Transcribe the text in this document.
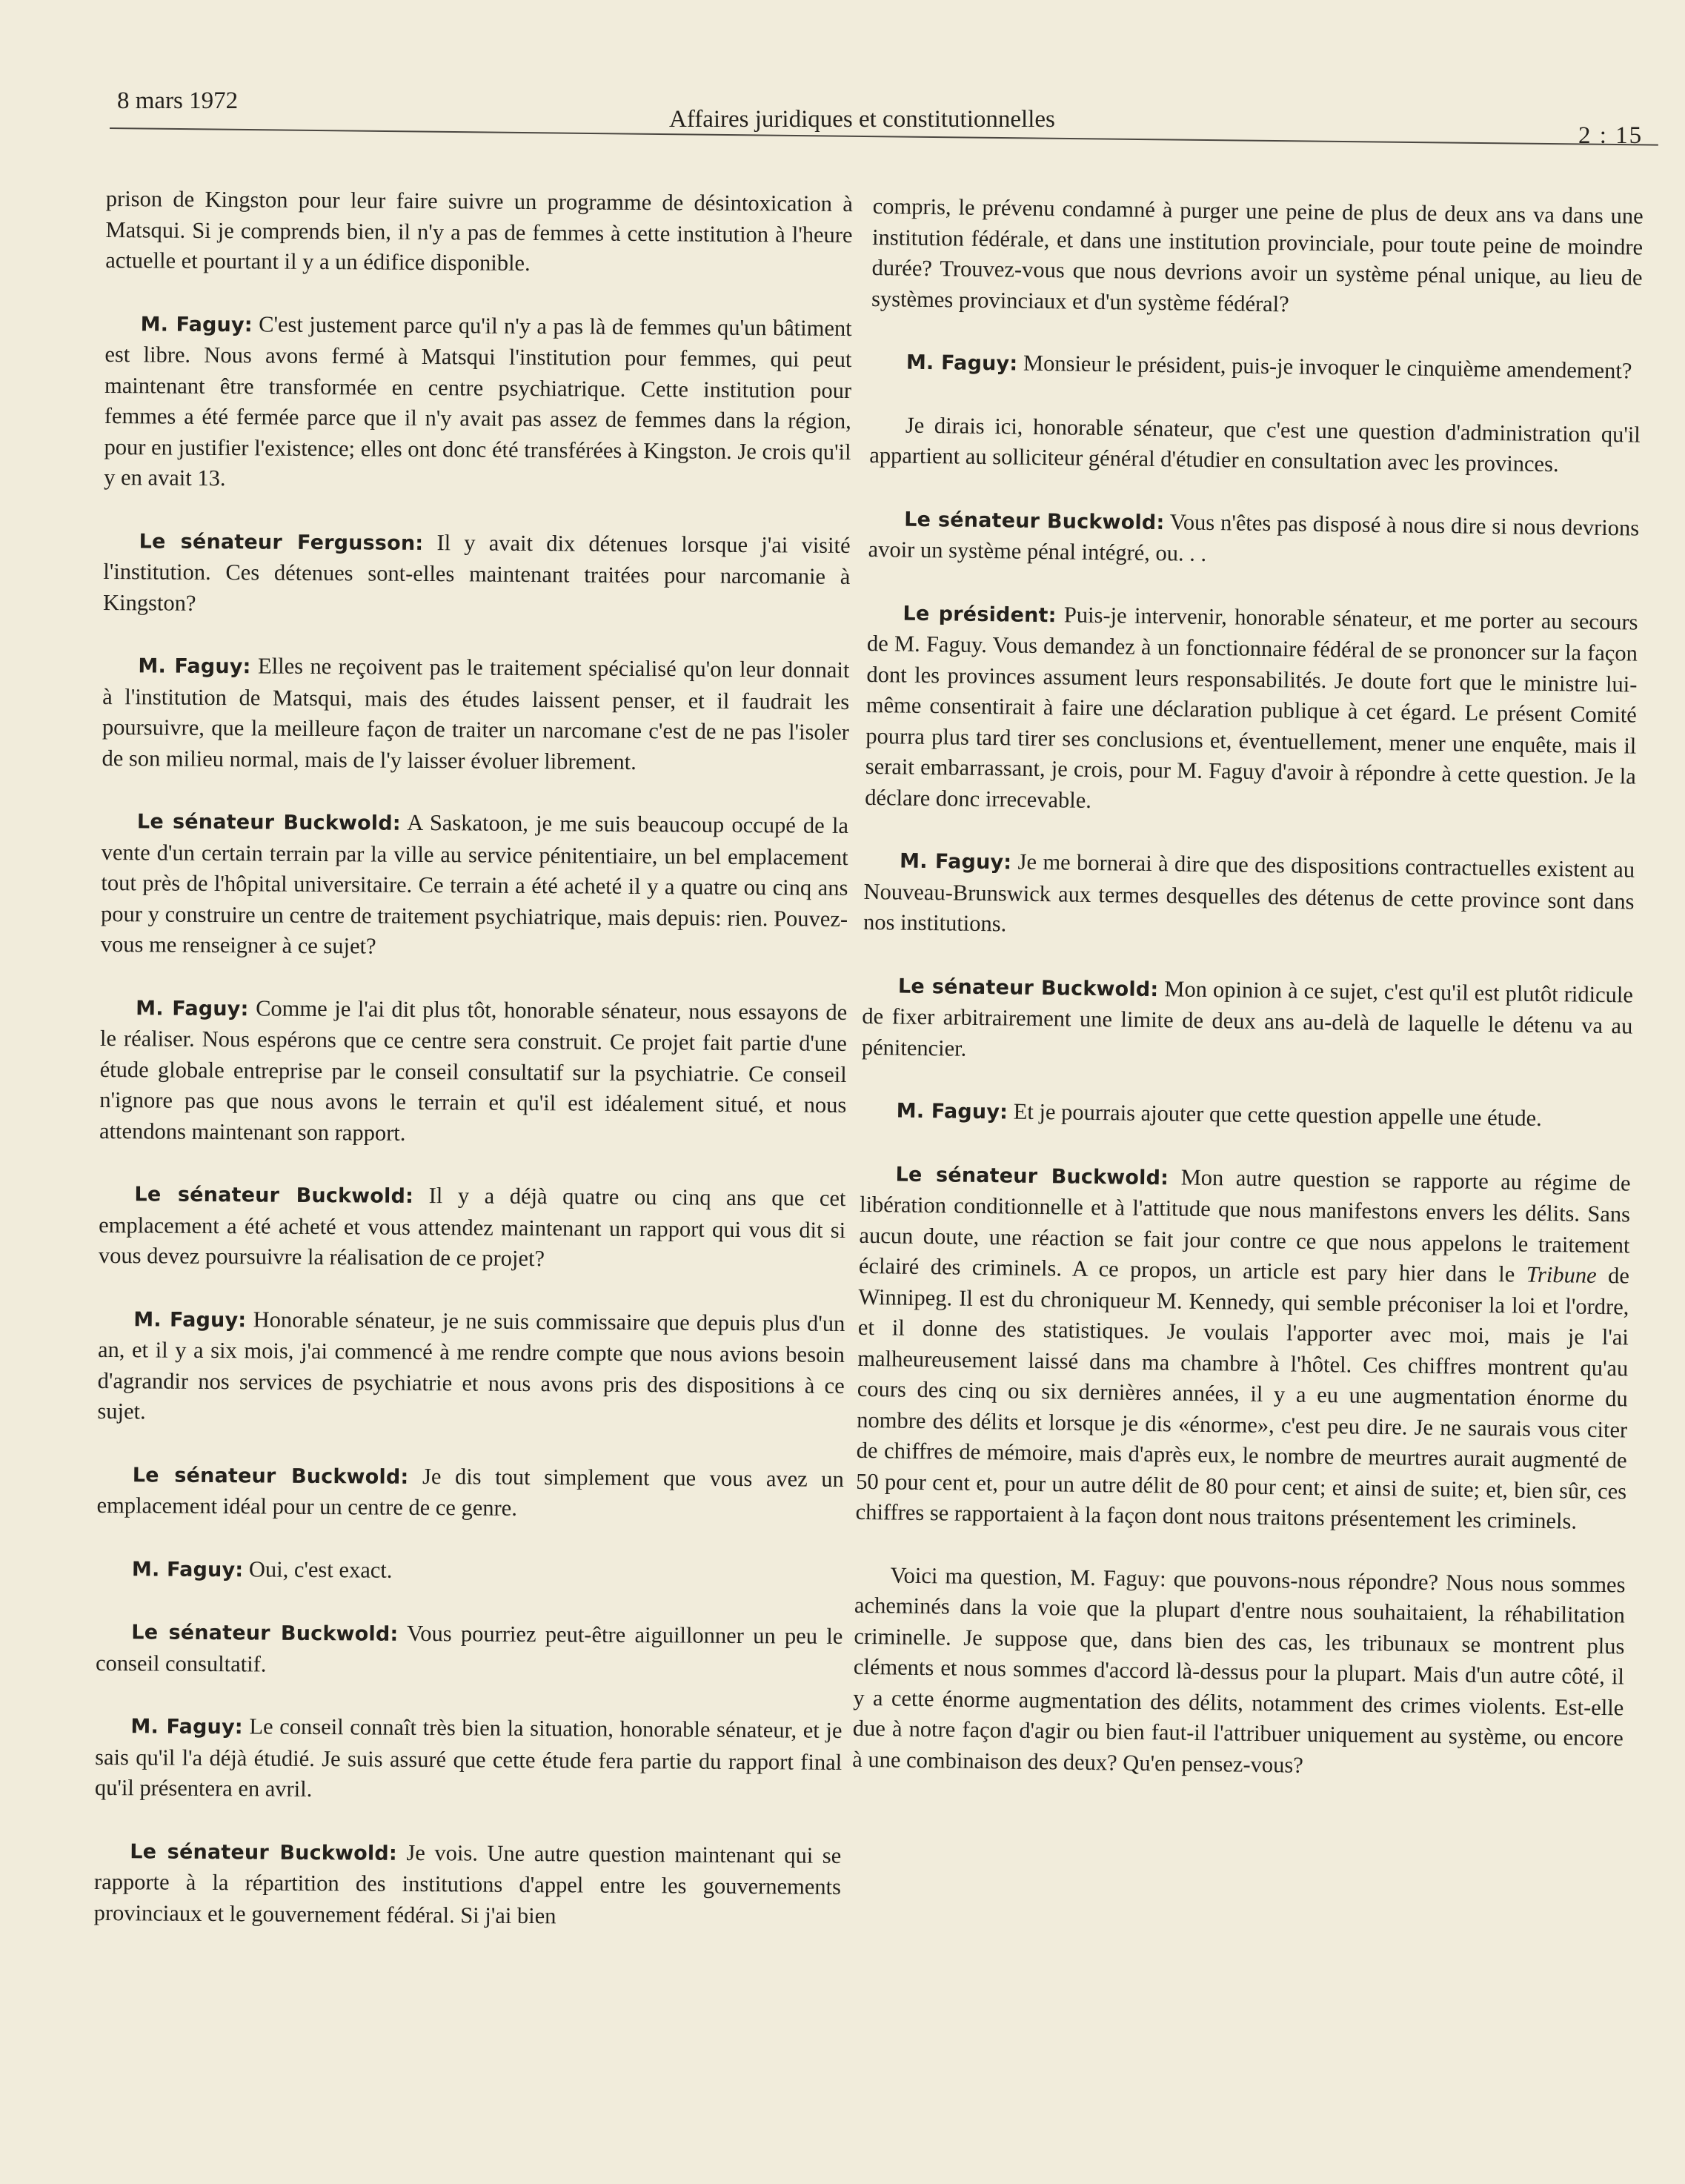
8 mars 1972
Affaires juridiques et constitutionnelles
2 : 15

prison de Kingston pour leur faire suivre un programme de désintoxication à Matsqui. Si je comprends bien, il n'y a pas de femmes à cette institution à l'heure actuelle et pourtant il y a un édifice disponible.

M. Faguy: C'est justement parce qu'il n'y a pas là de femmes qu'un bâtiment est libre. Nous avons fermé à Matsqui l'institution pour femmes, qui peut maintenant être transformée en centre psychiatrique. Cette institution pour femmes a été fermée parce que il n'y avait pas assez de femmes dans la région, pour en justifier l'existence; elles ont donc été transférées à Kingston. Je crois qu'il y en avait 13.

Le sénateur Fergusson: Il y avait dix détenues lorsque j'ai visité l'institution. Ces détenues sont-elles maintenant traitées pour narcomanie à Kingston?

M. Faguy: Elles ne reçoivent pas le traitement spécialisé qu'on leur donnait à l'institution de Matsqui, mais des études laissent penser, et il faudrait les poursuivre, que la meilleure façon de traiter un narcomane c'est de ne pas l'isoler de son milieu normal, mais de l'y laisser évoluer librement.

Le sénateur Buckwold: A Saskatoon, je me suis beaucoup occupé de la vente d'un certain terrain par la ville au service pénitentiaire, un bel emplacement tout près de l'hôpital universitaire. Ce terrain a été acheté il y a quatre ou cinq ans pour y construire un centre de traitement psychiatrique, mais depuis: rien. Pouvez-vous me renseigner à ce sujet?

M. Faguy: Comme je l'ai dit plus tôt, honorable sénateur, nous essayons de le réaliser. Nous espérons que ce centre sera construit. Ce projet fait partie d'une étude globale entreprise par le conseil consultatif sur la psychiatrie. Ce conseil n'ignore pas que nous avons le terrain et qu'il est idéalement situé, et nous attendons maintenant son rapport.

Le sénateur Buckwold: Il y a déjà quatre ou cinq ans que cet emplacement a été acheté et vous attendez maintenant un rapport qui vous dit si vous devez poursuivre la réalisation de ce projet?

M. Faguy: Honorable sénateur, je ne suis commissaire que depuis plus d'un an, et il y a six mois, j'ai commencé à me rendre compte que nous avions besoin d'agrandir nos services de psychiatrie et nous avons pris des dispositions à ce sujet.

Le sénateur Buckwold: Je dis tout simplement que vous avez un emplacement idéal pour un centre de ce genre.

M. Faguy: Oui, c'est exact.

Le sénateur Buckwold: Vous pourriez peut-être aiguillonner un peu le conseil consultatif.

M. Faguy: Le conseil connaît très bien la situation, honorable sénateur, et je sais qu'il l'a déjà étudié. Je suis assuré que cette étude fera partie du rapport final qu'il présentera en avril.

Le sénateur Buckwold: Je vois. Une autre question maintenant qui se rapporte à la répartition des institutions d'appel entre les gouvernements provinciaux et le gouvernement fédéral. Si j'ai bien

compris, le prévenu condamné à purger une peine de plus de deux ans va dans une institution fédérale, et dans une institution provinciale, pour toute peine de moindre durée? Trouvez-vous que nous devrions avoir un système pénal unique, au lieu de systèmes provinciaux et d'un système fédéral?

M. Faguy: Monsieur le président, puis-je invoquer le cinquième amendement?

Je dirais ici, honorable sénateur, que c'est une question d'administration qu'il appartient au solliciteur général d'étudier en consultation avec les provinces.

Le sénateur Buckwold: Vous n'êtes pas disposé à nous dire si nous devrions avoir un système pénal intégré, ou. . .

Le président: Puis-je intervenir, honorable sénateur, et me porter au secours de M. Faguy. Vous demandez à un fonctionnaire fédéral de se prononcer sur la façon dont les provinces assument leurs responsabilités. Je doute fort que le ministre lui-même consentirait à faire une déclaration publique à cet égard. Le présent Comité pourra plus tard tirer ses conclusions et, éventuellement, mener une enquête, mais il serait embarrassant, je crois, pour M. Faguy d'avoir à répondre à cette question. Je la déclare donc irrecevable.

M. Faguy: Je me bornerai à dire que des dispositions contractuelles existent au Nouveau-Brunswick aux termes desquelles des détenus de cette province sont dans nos institutions.

Le sénateur Buckwold: Mon opinion à ce sujet, c'est qu'il est plutôt ridicule de fixer arbitrairement une limite de deux ans au-delà de laquelle le détenu va au pénitencier.

M. Faguy: Et je pourrais ajouter que cette question appelle une étude.

Le sénateur Buckwold: Mon autre question se rapporte au régime de libération conditionnelle et à l'attitude que nous manifestons envers les délits. Sans aucun doute, une réaction se fait jour contre ce que nous appelons le traitement éclairé des criminels. A ce propos, un article est pary hier dans le Tribune de Winnipeg. Il est du chroniqueur M. Kennedy, qui semble préconiser la loi et l'ordre, et il donne des statistiques. Je voulais l'apporter avec moi, mais je l'ai malheureusement laissé dans ma chambre à l'hôtel. Ces chiffres montrent qu'au cours des cinq ou six dernières années, il y a eu une augmentation énorme du nombre des délits et lorsque je dis «énorme», c'est peu dire. Je ne saurais vous citer de chiffres de mémoire, mais d'après eux, le nombre de meurtres aurait augmenté de 50 pour cent et, pour un autre délit de 80 pour cent; et ainsi de suite; et, bien sûr, ces chiffres se rapportaient à la façon dont nous traitons présentement les criminels.

Voici ma question, M. Faguy: que pouvons-nous répondre? Nous nous sommes acheminés dans la voie que la plupart d'entre nous souhaitaient, la réhabilitation criminelle. Je suppose que, dans bien des cas, les tribunaux se montrent plus cléments et nous sommes d'accord là-dessus pour la plupart. Mais d'un autre côté, il y a cette énorme augmentation des délits, notamment des crimes violents. Est-elle due à notre façon d'agir ou bien faut-il l'attribuer uniquement au système, ou encore à une combinaison des deux? Qu'en pensez-vous?
